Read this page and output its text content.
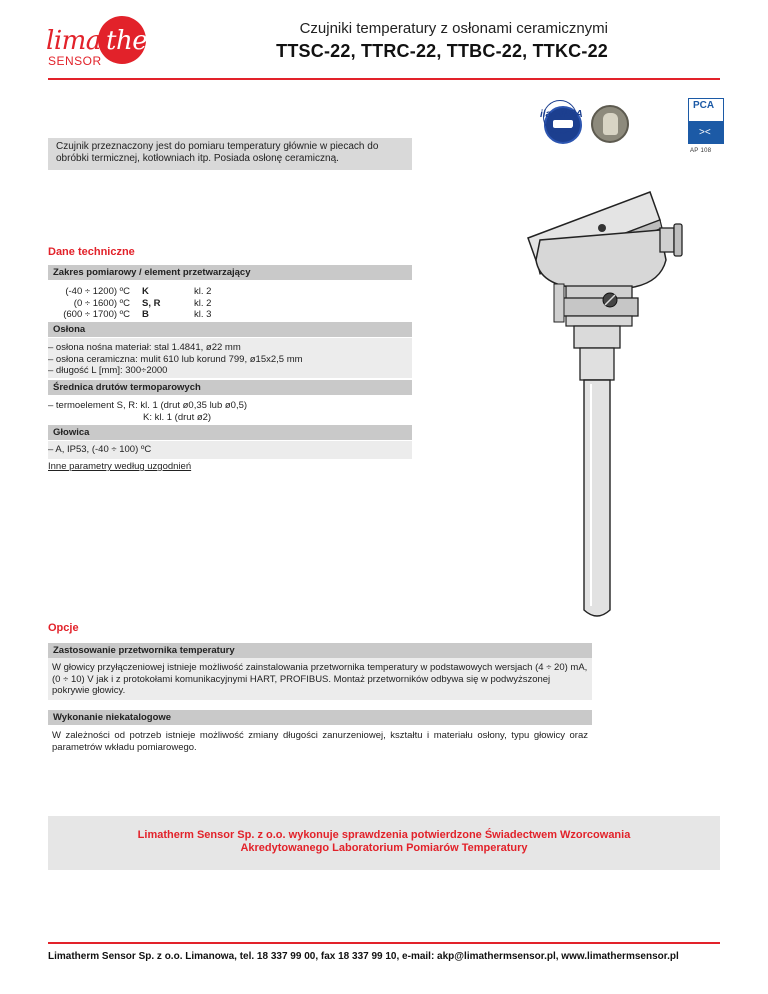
lima therm
SENSOR
Czujniki temperatury z osłonami ceramicznymi
TTSC-22, TTRC-22, TTBC-22, TTKC-22
ilac-MRA
PCA
><
AP 108
Czujnik przeznaczony jest do pomiaru temperatury głównie w piecach do obróbki termicznej, kotłowniach itp. Posiada osłonę ceramiczną.
Dane techniczne
Zakres pomiarowy / element przetwarzający
(-40 ÷ 1200) ºC K	kl. 2
(0 ÷ 1600) ºC S, R	kl. 2
(600 ÷ 1700) ºC B	kl. 3
Osłona
– osłona nośna materiał: stal 1.4841, ø22 mm
– osłona ceramiczna: mulit 610 lub korund 799, ø15x2,5 mm
– długość L [mm]: 300÷2000
Średnica drutów termoparowych
– termoelement S, R: kl. 1 (drut ø0,35 lub ø0,5)
K: kl. 1 (drut ø2)
Głowica
– A, IP53, (-40 ÷ 100) ºC
Inne parametry według uzgodnień
Opcje
Zastosowanie przetwornika temperatury
W głowicy przyłączeniowej istnieje możliwość zainstalowania przetwornika temperatury w podstawowych wersjach (4 ÷ 20) mA, (0 ÷ 10) V jak i z protokołami komunikacyjnymi HART, PROFIBUS. Montaż przetworników odbywa się w podwyższonej pokrywie głowicy.
Wykonanie niekatalogowe
W zależności od potrzeb istnieje możliwość zmiany długości zanurzeniowej, kształtu i materiału osłony, typu głowicy oraz parametrów wkładu pomiarowego.
Limatherm Sensor Sp. z o.o. wykonuje sprawdzenia potwierdzone Świadectwem Wzorcowania
Akredytowanego Laboratorium Pomiarów Temperatury
Limatherm Sensor Sp. z o.o. Limanowa, tel. 18 337 99 00, fax 18 337 99 10, e-mail: akp@limathermsensor.pl, www.limathermsensor.pl
